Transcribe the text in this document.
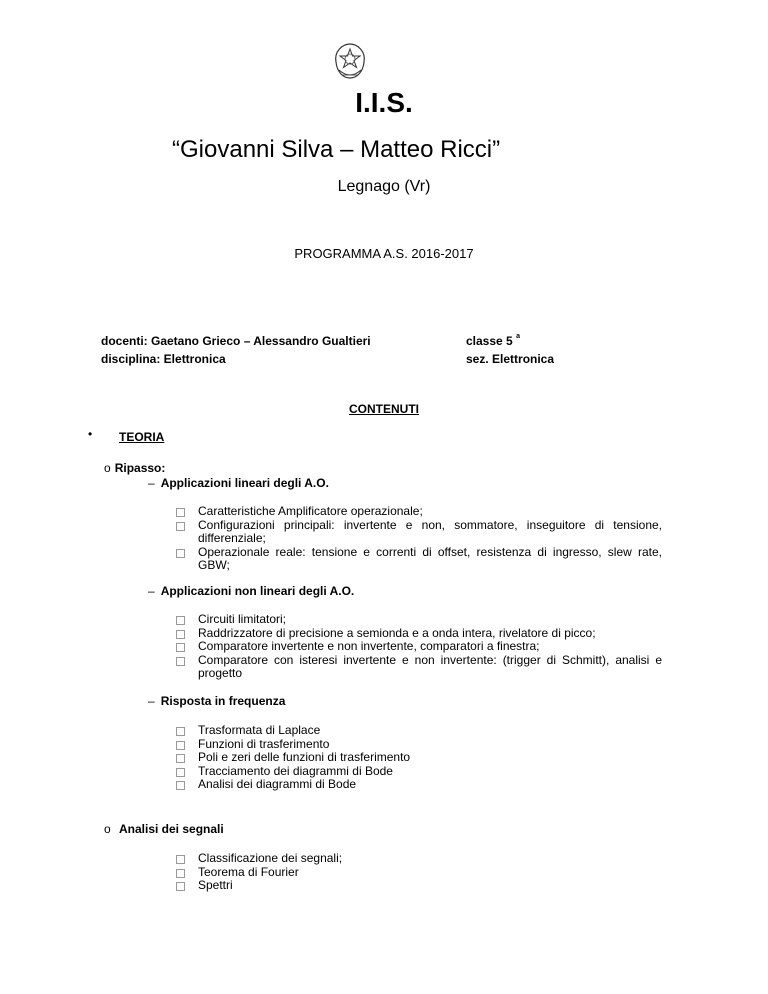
I.I.S.
“Giovanni Silva – Matteo Ricci”
Legnago (Vr)
PROGRAMMA A.S. 2016-2017
docenti: Gaetano Grieco – Alessandro Gualtieri	classe 5 $^a$
disciplina: Elettronica	sez. Elettronica
CONTENUTI
• TEORIA
o Ripasso:
– Applicazioni lineari degli A.O.
Caratteristiche Amplificatore operazionale;
Configurazioni principali: invertente e non, sommatore, inseguitore di tensione, differenziale;
Operazionale reale: tensione e correnti di offset, resistenza di ingresso, slew rate, GBW;
– Applicazioni non lineari degli A.O.
Circuiti limitatori;
Raddrizzatore di precisione a semionda e a onda intera, rivelatore di picco;
Comparatore invertente e non invertente, comparatori a finestra;
Comparatore con isteresi invertente e non invertente: (trigger di Schmitt), analisi e progetto
– Risposta in frequenza
Trasformata di Laplace
Funzioni di trasferimento
Poli e zeri delle funzioni di trasferimento
Tracciamento dei diagrammi di Bode
Analisi dei diagrammi di Bode
o Analisi dei segnali
Classificazione dei segnali;
Teorema di Fourier
Spettri
